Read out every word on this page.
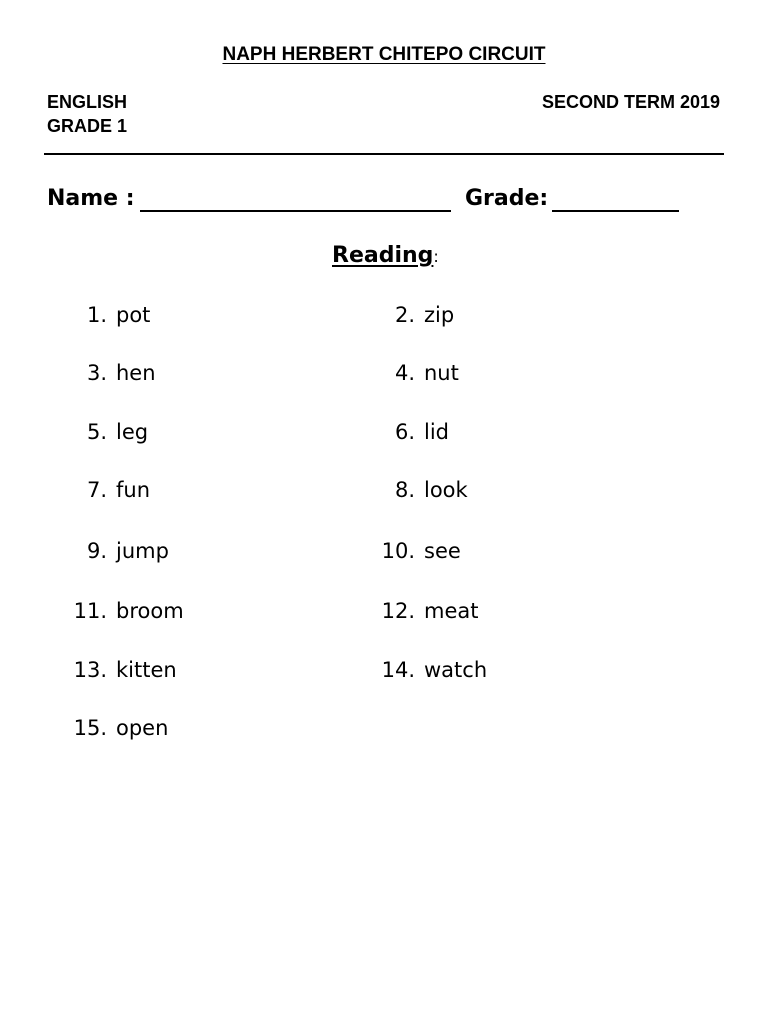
NAPH HERBERT CHITEPO CIRCUIT
ENGLISH
GRADE 1
SECOND TERM 2019
Name :	Grade:
Reading:
1. pot
3. hen
5. leg
7. fun
9. jump
11. broom
13. kitten
15. open
2. zip
4. nut
6. lid
8. look
10. see
12. meat
14. watch
